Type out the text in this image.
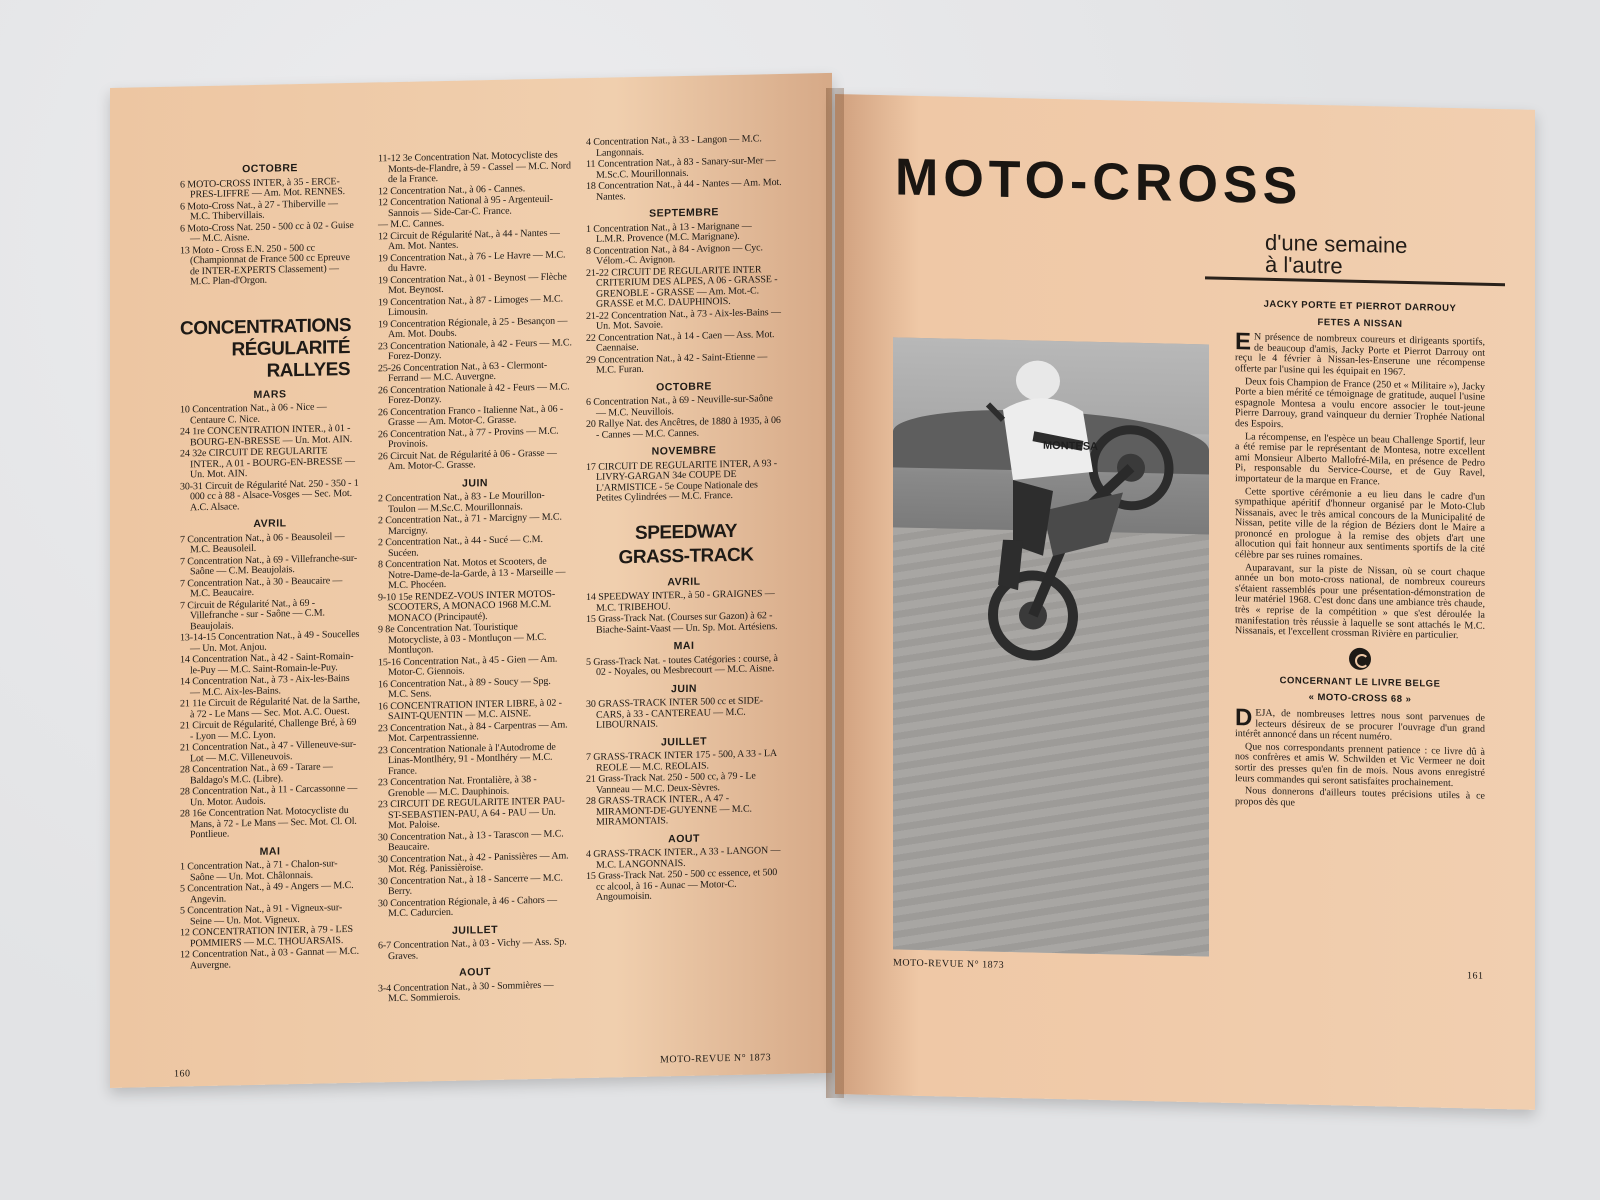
OCTOBRE
6 MOTO-CROSS INTER, à 35 - ERCE-PRES-LIFFRE — Am. Mot. RENNES.
6 Moto-Cross Nat., à 27 - Thiberville — M.C. Thibervillais.
6 Moto-Cross Nat. 250 - 500 cc à 02 - Guise — M.C. Aisne.
13 Moto - Cross E.N. 250 - 500 cc (Championnat de France 500 cc Epreuve de INTER-EXPERTS Classement) — M.C. Plan-d'Orgon.
CONCENTRATIONS RÉGULARITÉ RALLYES
MARS
10 Concentration Nat., à 06 - Nice — Centaure C. Nice.
24 1re CONCENTRATION INTER., à 01 - BOURG-EN-BRESSE — Un. Mot. AIN.
24 32e CIRCUIT DE REGULARITE INTER., A 01 - BOURG-EN-BRESSE — Un. Mot. AIN.
30-31 Circuit de Régularité Nat. 250 - 350 - 1 000 cc à 88 - Alsace-Vosges — Sec. Mot. A.C. Alsace.
AVRIL
7 Concentration Nat., à 06 - Beausoleil — M.C. Beausoleil.
7 Concentration Nat., à 69 - Villefranche-sur-Saône — C.M. Beaujolais.
7 Concentration Nat., à 30 - Beaucaire — M.C. Beaucaire.
7 Circuit de Régularité Nat., à 69 - Villefranche - sur - Saône — C.M. Beaujolais.
13-14-15 Concentration Nat., à 49 - Soucelles — Un. Mot. Anjou.
14 Concentration Nat., à 42 - Saint-Romain-le-Puy — M.C. Saint-Romain-le-Puy.
14 Concentration Nat., à 73 - Aix-les-Bains — M.C. Aix-les-Bains.
21 11e Circuit de Régularité Nat. de la Sarthe, à 72 - Le Mans — Sec. Mot. A.C. Ouest.
21 Circuit de Régularité, Challenge Bré, à 69 - Lyon — M.C. Lyon.
21 Concentration Nat., à 47 - Villeneuve-sur-Lot — M.C. Villeneuvois.
28 Concentration Nat., à 69 - Tarare — Baldago's M.C. (Libre).
28 Concentration Nat., à 11 - Carcassonne — Un. Motor. Audois.
28 16e Concentration Nat. Motocycliste du Mans, à 72 - Le Mans — Sec. Mot. Cl. Ol. Pontlieue.
MAI
1 Concentration Nat., à 71 - Chalon-sur-Saône — Un. Mot. Châlonnais.
5 Concentration Nat., à 49 - Angers — M.C. Angevin.
5 Concentration Nat., à 91 - Vigneux-sur-Seine — Un. Mot. Vigneux.
12 CONCENTRATION INTER, à 79 - LES POMMIERS — M.C. THOUARSAIS.
12 Concentration Nat., à 03 - Gannat — M.C. Auvergne.
11-12 3e Concentration Nat. Motocycliste des Monts-de-Flandre, à 59 - Cassel — M.C. Nord de la France.
12 Concentration Nat., à 06 - Cannes.
12 Concentration National à 95 - Argenteuil-Sannois — Side-Car-C. France.
— M.C. Cannes.
12 Circuit de Régularité Nat., à 44 - Nantes — Am. Mot. Nantes.
19 Concentration Nat., à 76 - Le Havre — M.C. du Havre.
19 Concentration Nat., à 01 - Beynost — Flèche Mot. Beynost.
19 Concentration Nat., à 87 - Limoges — M.C. Limousin.
19 Concentration Régionale, à 25 - Besançon — Am. Mot. Doubs.
23 Concentration Nationale, à 42 - Feurs — M.C. Forez-Donzy.
25-26 Concentration Nat., à 63 - Clermont-Ferrand — M.C. Auvergne.
26 Concentration Nationale à 42 - Feurs — M.C. Forez-Donzy.
26 Concentration Franco - Italienne Nat., à 06 - Grasse — Am. Motor-C. Grasse.
26 Concentration Nat., à 77 - Provins — M.C. Provinois.
26 Circuit Nat. de Régularité à 06 - Grasse — Am. Motor-C. Grasse.
JUIN
2 Concentration Nat., à 83 - Le Mourillon-Toulon — M.Sc.C. Mourillonnais.
2 Concentration Nat., à 71 - Marcigny — M.C. Marcigny.
2 Concentration Nat., à 44 - Sucé — C.M. Sucéen.
8 Concentration Nat. Motos et Scooters, de Notre-Dame-de-la-Garde, à 13 - Marseille — M.C. Phocéen.
9-10 15e RENDEZ-VOUS INTER MOTOS-SCOOTERS, A MONACO 1968 M.C.M. MONACO (Principauté).
9 8e Concentration Nat. Touristique Motocycliste, à 03 - Montluçon — M.C. Montluçon.
15-16 Concentration Nat., à 45 - Gien — Am. Motor-C. Giennois.
16 Concentration Nat., à 89 - Soucy — Spg. M.C. Sens.
16 CONCENTRATION INTER LIBRE, à 02 - SAINT-QUENTIN — M.C. AISNE.
23 Concentration Nat., à 84 - Carpentras — Am. Mot. Carpentrassienne.
23 Concentration Nationale à l'Autodrome de Linas-Montlhéry, 91 - Montlhéry — M.C. France.
23 Concentration Nat. Frontalière, à 38 - Grenoble — M.C. Dauphinois.
23 CIRCUIT DE REGULARITE INTER PAU-ST-SEBASTIEN-PAU, A 64 - PAU — Un. Mot. Paloise.
30 Concentration Nat., à 13 - Tarascon — M.C. Beaucaire.
30 Concentration Nat., à 42 - Panissières — Am. Mot. Rég. Panissièroise.
30 Concentration Nat., à 18 - Sancerre — M.C. Berry.
30 Concentration Régionale, à 46 - Cahors — M.C. Cadurcien.
JUILLET
6-7 Concentration Nat., à 03 - Vichy — Ass. Sp. Graves.
AOUT
3-4 Concentration Nat., à 30 - Sommières — M.C. Sommierois.
4 Concentration Nat., à 33 - Langon — M.C. Langonnais.
11 Concentration Nat., à 83 - Sanary-sur-Mer — M.Sc.C. Mourillonnais.
18 Concentration Nat., à 44 - Nantes — Am. Mot. Nantes.
SEPTEMBRE
1 Concentration Nat., à 13 - Marignane — L.M.R. Provence (M.C. Marignane).
8 Concentration Nat., à 84 - Avignon — Cyc. Vélom.-C. Avignon.
21-22 CIRCUIT DE REGULARITE INTER CRITERIUM DES ALPES, A 06 - GRASSE - GRENOBLE - GRASSE — Am. Mot.-C. GRASSE et M.C. DAUPHINOIS.
21-22 Concentration Nat., à 73 - Aix-les-Bains — Un. Mot. Savoie.
22 Concentration Nat., à 14 - Caen — Ass. Mot. Caennaise.
29 Concentration Nat., à 42 - Saint-Etienne — M.C. Furan.
OCTOBRE
6 Concentration Nat., à 69 - Neuville-sur-Saône — M.C. Neuvillois.
20 Rallye Nat. des Ancêtres, de 1880 à 1935, à 06 - Cannes — M.C. Cannes.
NOVEMBRE
17 CIRCUIT DE REGULARITE INTER, A 93 - LIVRY-GARGAN 34e COUPE DE L'ARMISTICE - 5e Coupe Nationale des Petites Cylindrées — M.C. France.
SPEEDWAY GRASS-TRACK
AVRIL
14 SPEEDWAY INTER., à 50 - GRAIGNES — M.C. TRIBEHOU.
15 Grass-Track Nat. (Courses sur Gazon) à 62 - Biache-Saint-Vaast — Un. Sp. Mot. Artésiens.
MAI
5 Grass-Track Nat. - toutes Catégories : course, à 02 - Noyales, ou Mesbrecourt — M.C. Aisne.
JUIN
30 GRASS-TRACK INTER 500 cc et SIDE-CARS, à 33 - CANTEREAU — M.C. LIBOURNAIS.
JUILLET
7 GRASS-TRACK INTER 175 - 500, A 33 - LA REOLE — M.C. REOLAIS.
21 Grass-Track Nat. 250 - 500 cc, à 79 - Le Vanneau — M.C. Deux-Sèvres.
28 GRASS-TRACK INTER., A 47 - MIRAMONT-DE-GUYENNE — M.C. MIRAMONTAIS.
AOUT
4 GRASS-TRACK INTER., A 33 - LANGON — M.C. LANGONNAIS.
15 Grass-Track Nat. 250 - 500 cc essence, et 500 cc alcool, à 16 - Aunac — Motor-C. Angoumoisin.
160
MOTO-REVUE N° 1873
MOTO-CROSS
d'une semaine
à l'autre
MONTESA
JACKY PORTE ET PIERROT DARROUY
FETES A NISSAN

E N présence de nombreux coureurs et dirigeants sportifs, de beaucoup d'amis, Jacky Porte et Pierrot Darrouy ont reçu le 4 février à Nissan-les-Enserune une récompense offerte par l'usine qui les équipait en 1967.

Deux fois Champion de France (250 et « Militaire »), Jacky Porte a bien mérité ce témoignage de gratitude, auquel l'usine espagnole Montesa a voulu encore associer le tout-jeune Pierre Darrouy, grand vainqueur du dernier Trophée National des Espoirs.

La récompense, en l'espèce un beau Challenge Sportif, leur a été remise par le représentant de Montesa, notre excellent ami Monsieur Alberto Mallofré-Mila, en présence de Pedro Pi, responsable du Service-Course, et de Guy Ravel, importateur de la marque en France.

Cette sportive cérémonie a eu lieu dans le cadre d'un sympathique apéritif d'honneur organisé par le Moto-Club Nissanais, avec le très amical concours de la Municipalité de Nissan, petite ville de la région de Béziers dont le Maire a prononcé en prologue à la remise des objets d'art une allocution qui fait honneur aux sentiments sportifs de la cité célèbre par ses ruines romaines.

Auparavant, sur la piste de Nissan, où se court chaque année un bon moto-cross national, de nombreux coureurs s'étaient rassemblés pour une présentation-démonstration de leur matériel 1968. C'est donc dans une ambiance très chaude, très « reprise de la compétition » que s'est déroulée la manifestation très réussie à laquelle se sont attachés le M.C. Nissanais, et l'excellent crossman Rivière en particulier.

CONCERNANT LE LIVRE BELGE
« MOTO-CROSS 68 »

DEJA, de nombreuses lettres nous sont parvenues de lecteurs désireux de se procurer l'ouvrage d'un grand intérêt annoncé dans un récent numéro.

Que nos correspondants prennent patience : ce livre dû à nos confrères et amis W. Schwilden et Vic Vermeer ne doit sortir des presses qu'en fin de mois. Nous avons enregistré leurs commandes qui seront satisfaites prochainement.

Nous donnerons d'ailleurs toutes précisions utiles à ce propos dès que

MOTO-REVUE N° 1873
161
